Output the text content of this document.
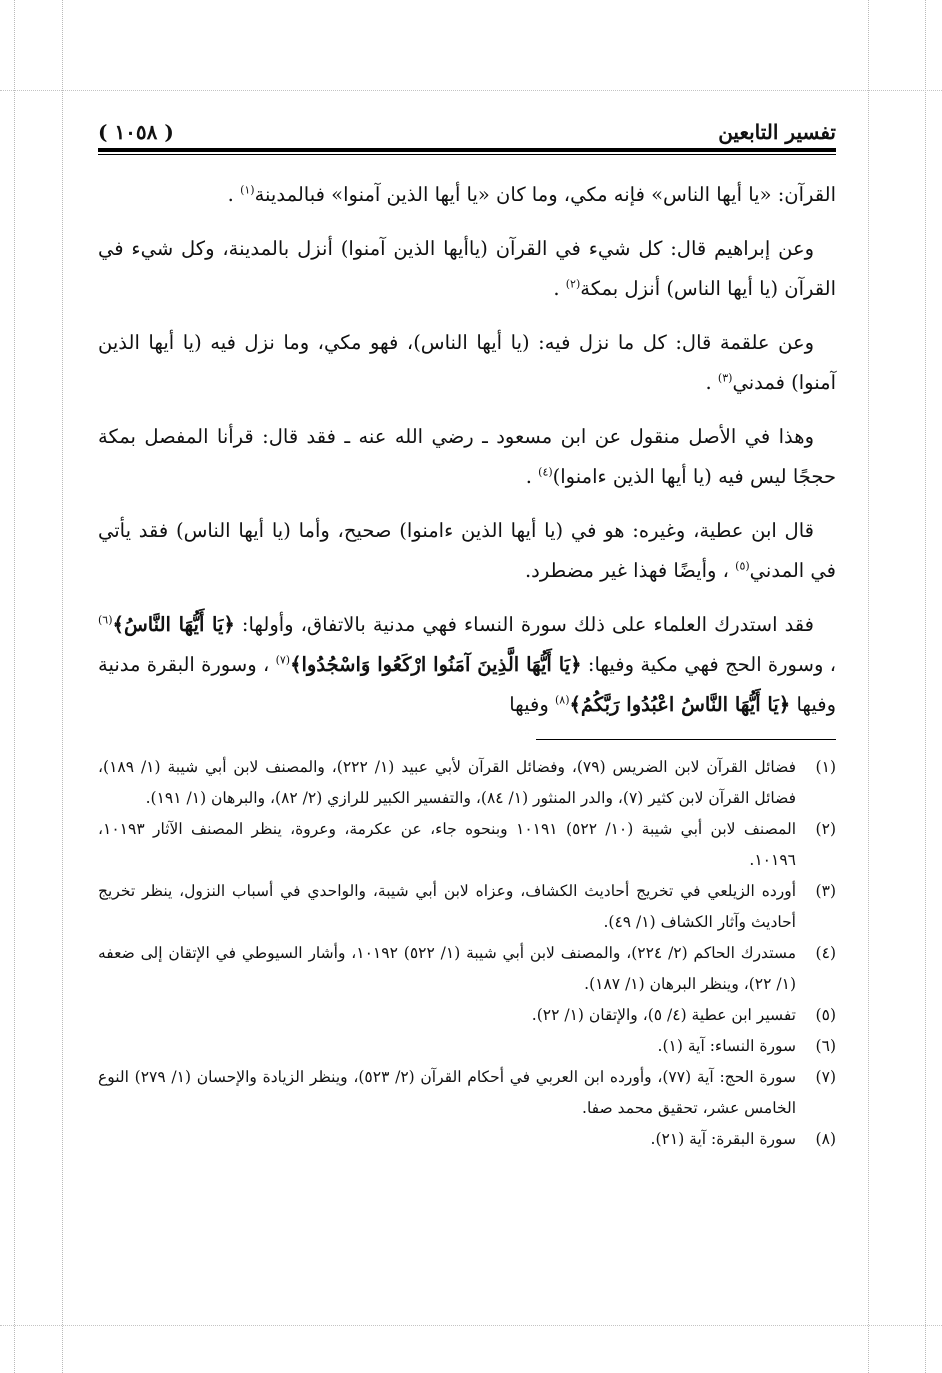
تفسير التابعين
( ١٠٥٨ )

القرآن: «يا أيها الناس» فإنه مكي، وما كان «يا أيها الذين آمنوا» فبالمدينة$^{(١)}$ .

وعن إبراهيم قال: كل شيء في القرآن (ياأيها الذين آمنوا) أنزل بالمدينة، وكل شيء في القرآن (يا أيها الناس) أنزل بمكة$^{(٢)}$ .

وعن علقمة قال: كل ما نزل فيه: (يا أيها الناس)، فهو مكي، وما نزل فيه (يا أيها الذين آمنوا) فمدني$^{(٣)}$ .

وهذا في الأصل منقول عن ابن مسعود ـ رضي الله عنه ـ فقد قال: قرأنا المفصل بمكة حججًا ليس فيه (يا أيها الذين ءامنوا)$^{(٤)}$ .

قال ابن عطية، وغيره: هو في (يا أيها الذين ءامنوا) صحيح، وأما (يا أيها الناس) فقد يأتي في المدني$^{(٥)}$ ، وأيضًا فهذا غير مضطرد.

فقد استدرك العلماء على ذلك سورة النساء فهي مدنية بالاتفاق، وأولها: ﴿يَا أَيُّهَا النَّاسُ﴾$^{(٦)}$ ، وسورة الحج فهي مكية وفيها: ﴿يَا أَيُّهَا الَّذِينَ آمَنُوا ارْكَعُوا وَاسْجُدُوا﴾$^{(٧)}$ ، وسورة البقرة مدنية وفيها ﴿يَا أَيُّهَا النَّاسُ اعْبُدُوا رَبَّكُمُ﴾$^{(٨)}$ وفيها

(١)
فضائل القرآن لابن الضريس (٧٩)، وفضائل القرآن لأبي عبيد (١/ ٢٢٢)، والمصنف لابن أبي شيبة (١/ ١٨٩)، فضائل القرآن لابن كثير (٧)، والدر المنثور (١/ ٨٤)، والتفسير الكبير للرازي (٢/ ٨٢)، والبرهان (١/ ١٩١).
(٢)
المصنف لابن أبي شيبة (١٠/ ٥٢٢) ١٠١٩١ وبنحوه جاء، عن عكرمة، وعروة، ينظر المصنف الآثار ١٠١٩٣، ١٠١٩٦.
(٣)
أورده الزيلعي في تخريج أحاديث الكشاف، وعزاه لابن أبي شيبة، والواحدي في أسباب النزول، ينظر تخريج أحاديث وآثار الكشاف (١/ ٤٩).
(٤)
مستدرك الحاكم (٢/ ٢٢٤)، والمصنف لابن أبي شيبة (١/ ٥٢٢) ١٠١٩٢، وأشار السيوطي في الإتقان إلى ضعفه (١/ ٢٢)، وينظر البرهان (١/ ١٨٧).
(٥)
تفسير ابن عطية (٤/ ٥)، والإتقان (١/ ٢٢).
(٦)
سورة النساء: آية (١).
(٧)
سورة الحج: آية (٧٧)، وأورده ابن العربي في أحكام القرآن (٢/ ٥٢٣)، وينظر الزيادة والإحسان (١/ ٢٧٩) النوع الخامس عشر، تحقيق محمد صفا.
(٨)
سورة البقرة: آية (٢١).
